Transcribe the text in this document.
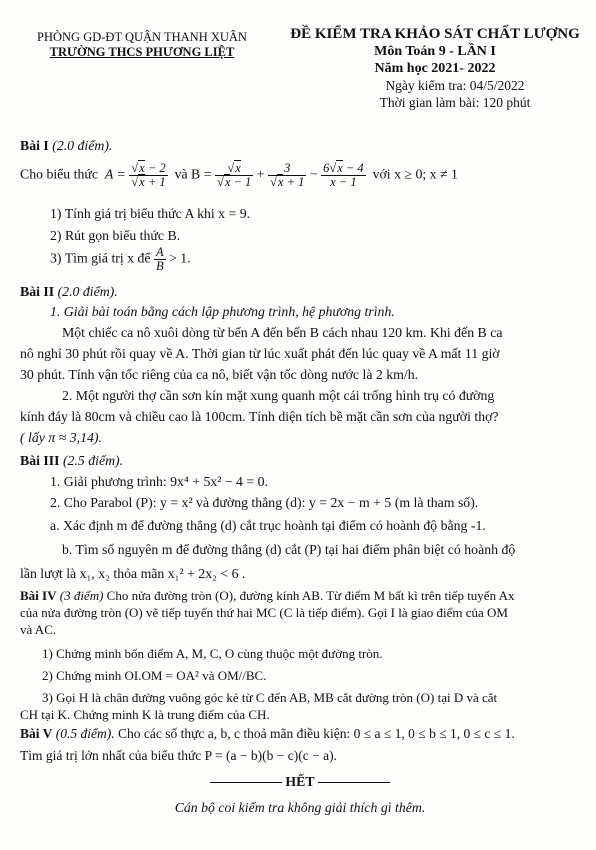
PHÒNG GD-ĐT QUẬN THANH XUÂN
TRƯỜNG THCS PHƯƠNG LIỆT
ĐỀ KIỂM TRA KHẢO SÁT CHẤT LƯỢNG
Môn Toán 9 - LẦN I
Năm học 2021- 2022
Ngày kiểm tra: 04/5/2022
Thời gian làm bài: 120 phút
Bài I (2.0 điểm).
Cho biểu thức  $A = \frac{√x - 2}{√x + 1}$ và $B = \frac{√x}{√x - 1} + \frac{3}{√x + 1} - \frac{6√x - 4}{x - 1}$ với x ≥ 0; x ≠ 1
1) Tính giá trị biểu thức A khi x = 9.
2) Rút gọn biểu thức B.
3) Tìm giá trị x để $\frac{A}{B} > 1$.
Bài II (2.0 điểm).
1. Giải bài toán bằng cách lập phương trình, hệ phương trình.
Một chiếc ca nô xuôi dòng từ bến A đến bến B cách nhau 120 km. Khi đến B ca
nô nghỉ 30 phút rồi quay về A. Thời gian từ lúc xuất phát đến lúc quay về A mất 11 giờ
30 phút. Tính vận tốc riêng của ca nô, biết vận tốc dòng nước là 2 km/h.
2. Một người thợ cần sơn kín mặt xung quanh một cái trống hình trụ có đường
kính đáy là 80cm và chiều cao là 100cm. Tính diện tích bề mặt cần sơn của người thợ?
( lấy π ≈ 3,14).
Bài III (2.5 điểm).
1. Giải phương trình: 9x⁴ + 5x² − 4 = 0.
2. Cho Parabol (P): y = x² và đường thẳng (d): y = 2x − m + 5 (m là tham số).
a. Xác định m để đường thẳng (d) cắt trục hoành tại điểm có hoành độ bằng -1.
b. Tìm số nguyên m để đường thẳng (d) cắt (P) tại hai điểm phân biệt có hoành độ
lần lượt là x₁, x₂ thỏa mãn x₁² + 2x₂ < 6 .
Bài IV (3 điểm) Cho nửa đường tròn (O), đường kính AB. Từ điểm M bất kì trên tiếp tuyến Ax
của nửa đường tròn (O) vẽ tiếp tuyến thứ hai MC (C là tiếp điểm). Gọi I là giao điểm của OM
và AC.
1) Chứng minh bốn điểm A, M, C, O cùng thuộc một đường tròn.
2) Chứng minh OI.OM = OA² và OM//BC.
3) Gọi H là chân đường vuông góc kẻ từ C đến AB, MB cắt đường tròn (O) tại D và cắt
CH tại K. Chứng minh K là trung điểm của CH.
Bài V (0.5 điểm). Cho các số thực a, b, c thoả mãn điều kiện: 0 ≤ a ≤ 1, 0 ≤ b ≤ 1, 0 ≤ c ≤ 1.
Tìm giá trị lớn nhất của biểu thức P = (a − b)(b − c)(c − a).
HẾT
Cán bộ coi kiểm tra không giải thích gì thêm.
